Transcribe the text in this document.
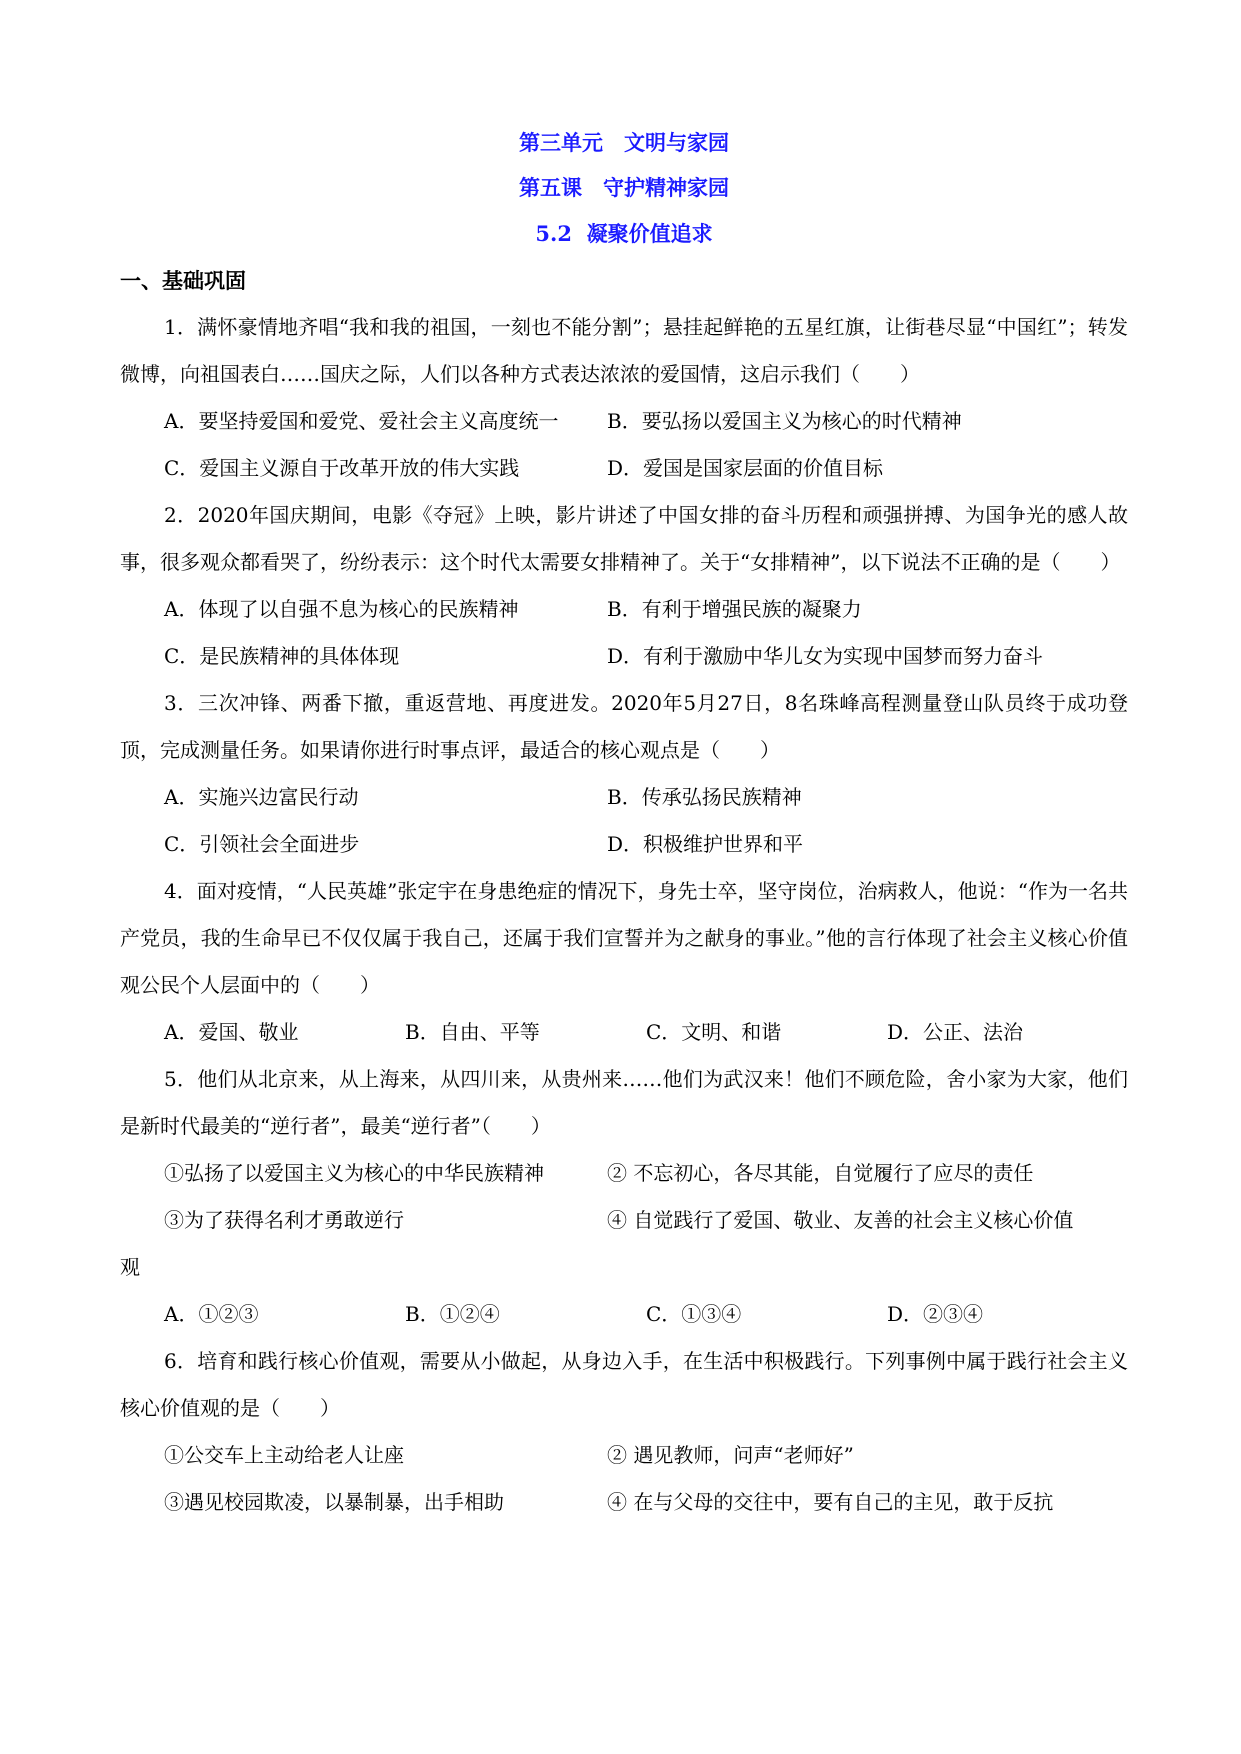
第三单元　文明与家园
第五课　守护精神家园
5.2  凝聚价值追求
一、基础巩固
1．满怀豪情地齐唱“我和我的祖国，一刻也不能分割”；悬挂起鲜艳的五星红旗，让街巷尽显“中国红”；转发微博，向祖国表白……国庆之际，人们以各种方式表达浓浓的爱国情，这启示我们（　　）
A．要坚持爱国和爱党、爱社会主义高度统一	B．要弘扬以爱国主义为核心的时代精神
C．爱国主义源自于改革开放的伟大实践	D．爱国是国家层面的价值目标
2．2020年国庆期间，电影《夺冠》上映，影片讲述了中国女排的奋斗历程和顽强拼搏、为国争光的感人故事，很多观众都看哭了，纷纷表示：这个时代太需要女排精神了。关于“女排精神”，以下说法不正确的是（　　）
A．体现了以自强不息为核心的民族精神	B．有利于增强民族的凝聚力
C．是民族精神的具体体现	D．有利于激励中华儿女为实现中国梦而努力奋斗
3．三次冲锋、两番下撤，重返营地、再度进发。2020年5月27日，8名珠峰高程测量登山队员终于成功登顶，完成测量任务。如果请你进行时事点评，最适合的核心观点是（　　）
A．实施兴边富民行动	B．传承弘扬民族精神
C．引领社会全面进步	D．积极维护世界和平
4．面对疫情，“人民英雄”张定宇在身患绝症的情况下，身先士卒，坚守岗位，治病救人，他说：“作为一名共产党员，我的生命早已不仅仅属于我自己，还属于我们宣誓并为之献身的事业。”他的言行体现了社会主义核心价值观公民个人层面中的（　　）
A．爱国、敬业	B．自由、平等	C．文明、和谐	D．公正、法治
5．他们从北京来，从上海来，从四川来，从贵州来……他们为武汉来！他们不顾危险，舍小家为大家，他们是新时代最美的“逆行者”，最美“逆行者”（　　）
①弘扬了以爱国主义为核心的中华民族精神	② 不忘初心，各尽其能，自觉履行了应尽的责任
③为了获得名利才勇敢逆行	④ 自觉践行了爱国、敬业、友善的社会主义核心价值
观
A．①②③	B．①②④	C．①③④	D．②③④
6．培育和践行核心价值观，需要从小做起，从身边入手，在生活中积极践行。下列事例中属于践行社会主义核心价值观的是（　　）
①公交车上主动给老人让座	② 遇见教师，问声“老师好”
③遇见校园欺凌，以暴制暴，出手相助	④ 在与父母的交往中，要有自己的主见，敢于反抗
